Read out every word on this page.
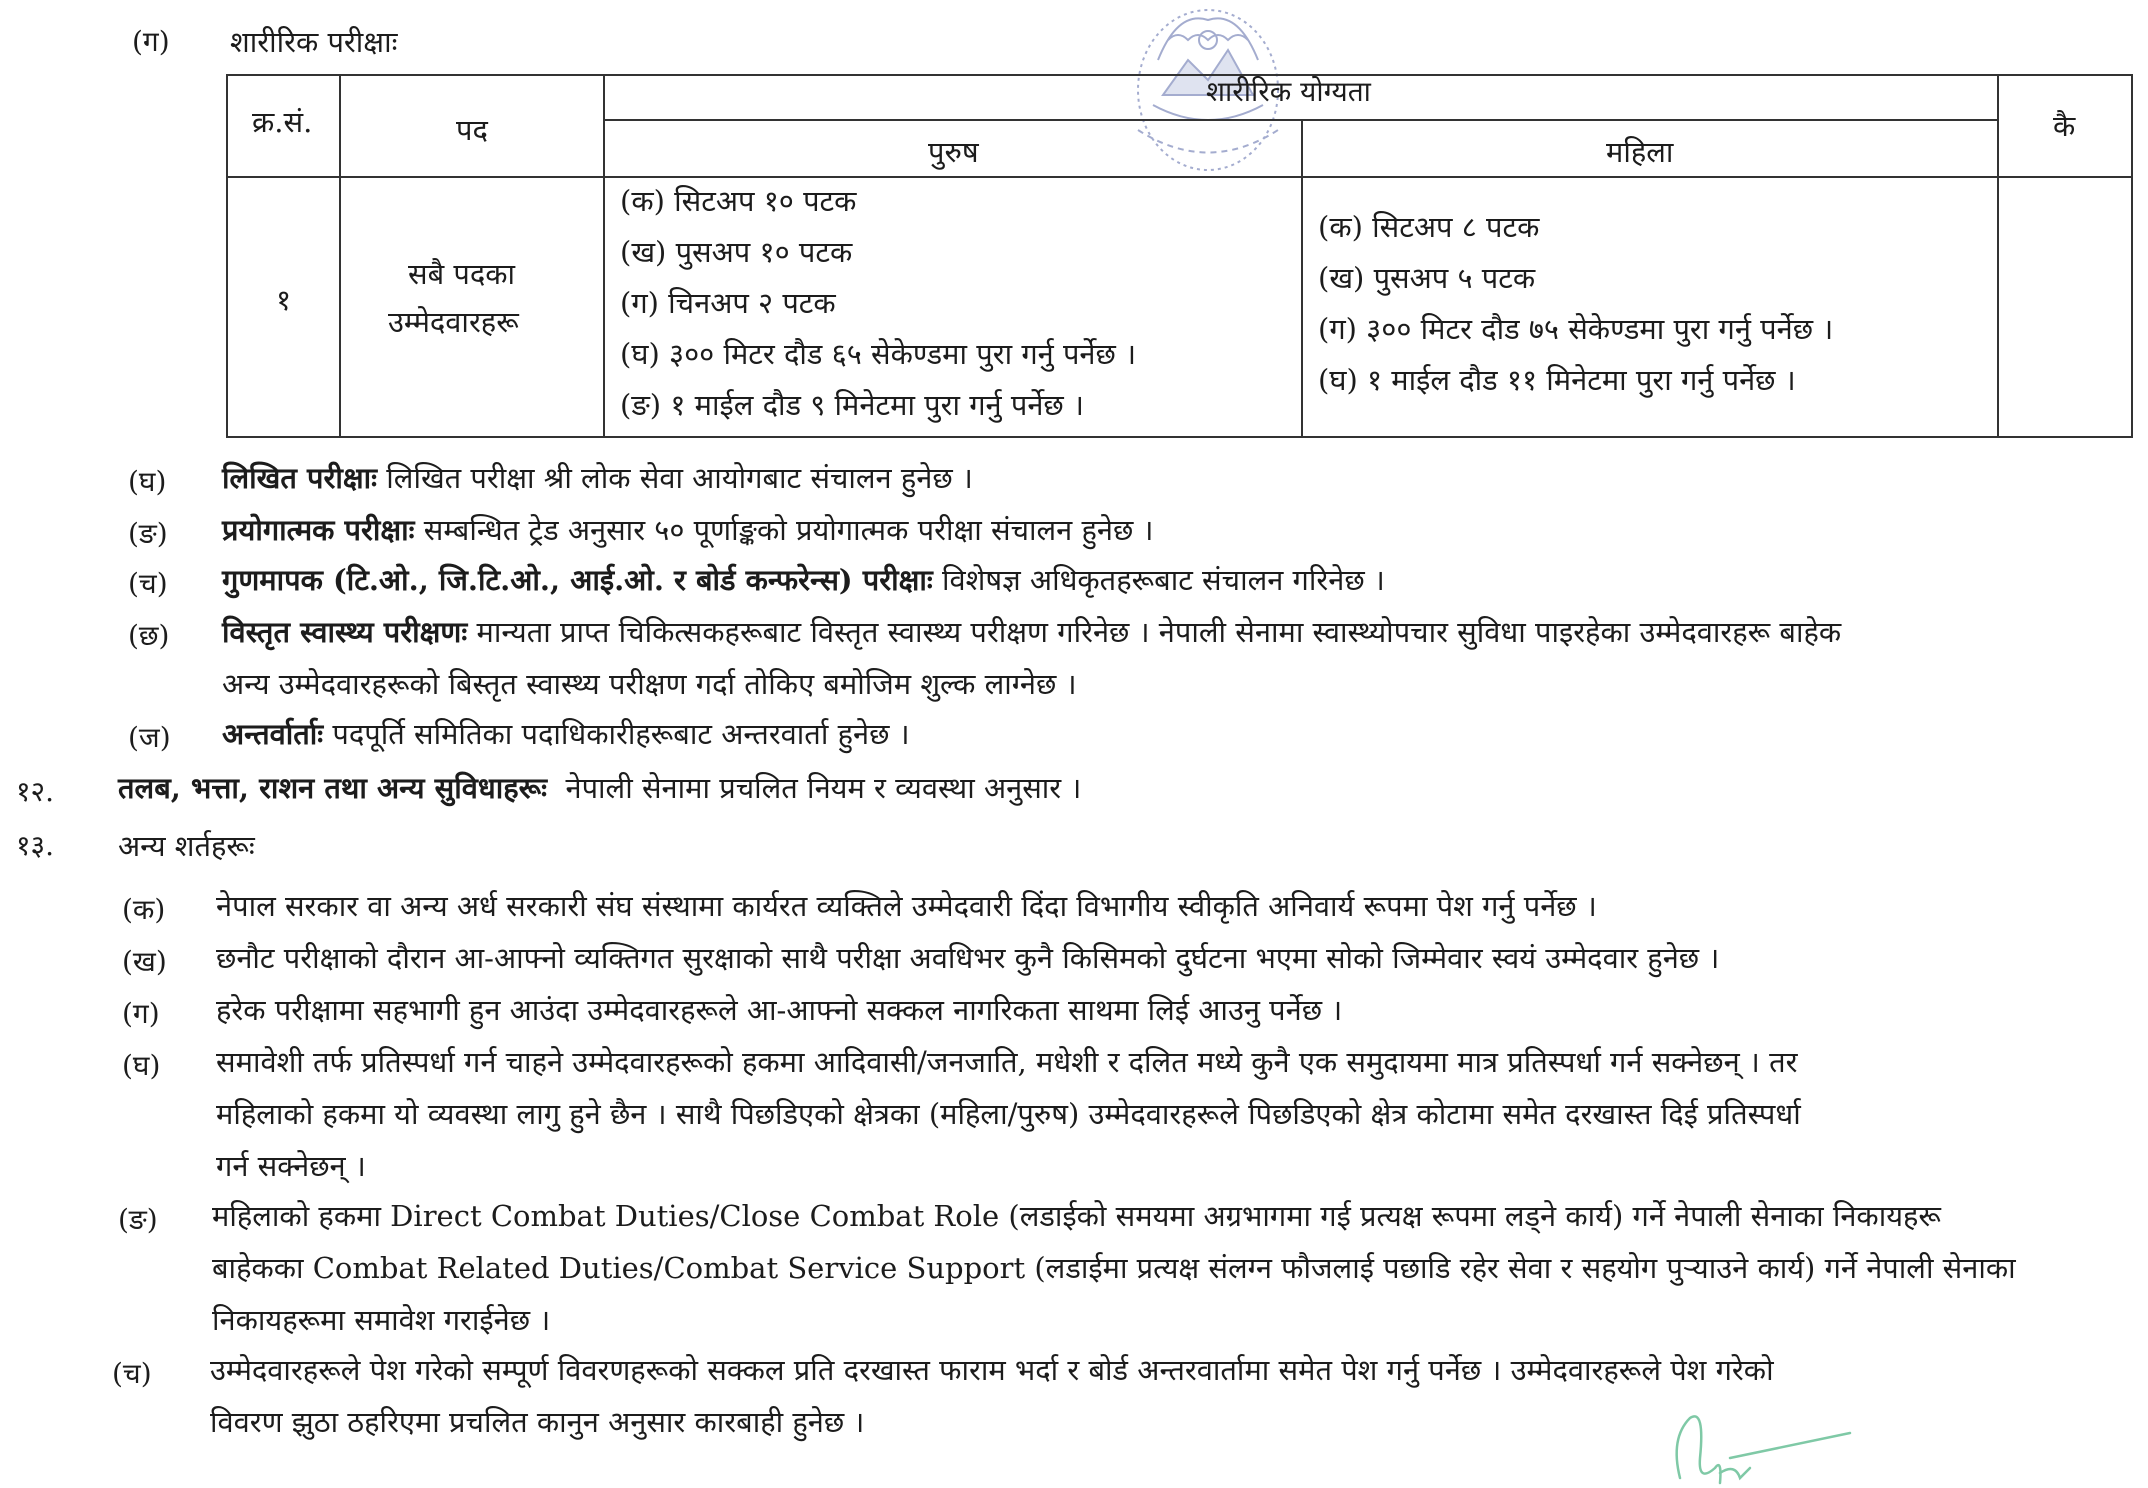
(ग) शारीरिक परीक्षाः
क्र.सं.	पद
शारीरिक योग्यता
पुरुष	महिला
कै
१
सबै पदका
उम्मेदवारहरू
(क) सिटअप १० पटक
(ख) पुसअप १० पटक
(ग) चिनअप २ पटक
(घ) ३०० मिटर दौड ६५ सेकेण्डमा पुरा गर्नु पर्नेछ ।
(ङ) १ माईल दौड ९ मिनेटमा पुरा गर्नु पर्नेछ ।
(क) सिटअप ८ पटक
(ख) पुसअप ५ पटक
(ग) ३०० मिटर दौड ७५ सेकेण्डमा पुरा गर्नु पर्नेछ ।
(घ) १ माईल दौड ११ मिनेटमा पुरा गर्नु पर्नेछ ।
(घ) लिखित परीक्षाः लिखित परीक्षा श्री लोक सेवा आयोगबाट संचालन हुनेछ ।
(ङ) प्रयोगात्मक परीक्षाः सम्बन्धित ट्रेड अनुसार ५० पूर्णाङ्कको प्रयोगात्मक परीक्षा संचालन हुनेछ ।
(च) गुणमापक (टि.ओ., जि.टि.ओ., आई.ओ. र बोर्ड कन्फरेन्स) परीक्षाः विशेषज्ञ अधिकृतहरूबाट संचालन गरिनेछ ।
(छ) विस्तृत स्वास्थ्य परीक्षणः मान्यता प्राप्त चिकित्सकहरूबाट विस्तृत स्वास्थ्य परीक्षण गरिनेछ । नेपाली सेनामा स्वास्थ्योपचार सुविधा पाइरहेका उम्मेदवारहरू बाहेक
अन्य उम्मेदवारहरूको बिस्तृत स्वास्थ्य परीक्षण गर्दा तोकिए बमोजिम शुल्क लाग्नेछ ।
(ज) अन्तर्वार्ताः पदपूर्ति समितिका पदाधिकारीहरूबाट अन्तरवार्ता हुनेछ ।
१२. तलब, भत्ता, राशन तथा अन्य सुविधाहरूः नेपाली सेनामा प्रचलित नियम र व्यवस्था अनुसार ।
१३. अन्य शर्तहरूः
(क) नेपाल सरकार वा अन्य अर्ध सरकारी संघ संस्थामा कार्यरत व्यक्तिले उम्मेदवारी दिंदा विभागीय स्वीकृति अनिवार्य रूपमा पेश गर्नु पर्नेछ ।
(ख) छनौट परीक्षाको दौरान आ-आफ्नो व्यक्तिगत सुरक्षाको साथै परीक्षा अवधिभर कुनै किसिमको दुर्घटना भएमा सोको जिम्मेवार स्वयं उम्मेदवार हुनेछ ।
(ग) हरेक परीक्षामा सहभागी हुन आउंदा उम्मेदवारहरूले आ-आफ्नो सक्कल नागरिकता साथमा लिई आउनु पर्नेछ ।
(घ) समावेशी तर्फ प्रतिस्पर्धा गर्न चाहने उम्मेदवारहरूको हकमा आदिवासी/जनजाति, मधेशी र दलित मध्ये कुनै एक समुदायमा मात्र प्रतिस्पर्धा गर्न सक्नेछन् । तर
महिलाको हकमा यो व्यवस्था लागु हुने छैन । साथै पिछडिएको क्षेत्रका (महिला/पुरुष) उम्मेदवारहरूले पिछडिएको क्षेत्र कोटामा समेत दरखास्त दिई प्रतिस्पर्धा
गर्न सक्नेछन् ।
(ङ) महिलाको हकमा Direct Combat Duties/Close Combat Role (लडाईको समयमा अग्रभागमा गई प्रत्यक्ष रूपमा लड्ने कार्य) गर्ने नेपाली सेनाका निकायहरू
बाहेकका Combat Related Duties/Combat Service Support (लडाईमा प्रत्यक्ष संलग्न फौजलाई पछाडि रहेर सेवा र सहयोग पुऱ्याउने कार्य) गर्ने नेपाली सेनाका
निकायहरूमा समावेश गराईनेछ ।
(च) उम्मेदवारहरूले पेश गरेको सम्पूर्ण विवरणहरूको सक्कल प्रति दरखास्त फाराम भर्दा र बोर्ड अन्तरवार्तामा समेत पेश गर्नु पर्नेछ । उम्मेदवारहरूले पेश गरेको
विवरण झुठा ठहरिएमा प्रचलित कानुन अनुसार कारबाही हुनेछ ।
